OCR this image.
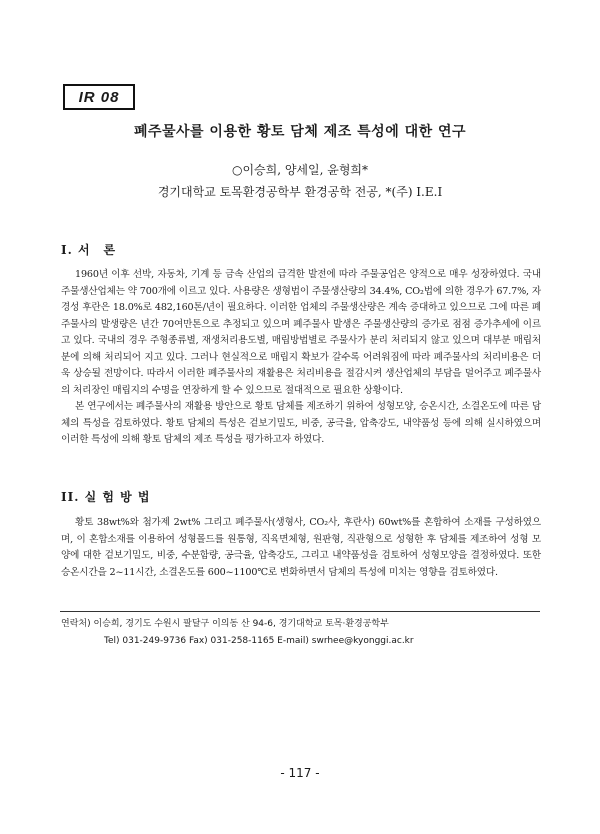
IR 08
폐주물사를 이용한 황토 담체 제조 특성에 대한 연구
○이승희, 양세일, 윤형희*
경기대학교 토목환경공학부 환경공학 전공, *(주) I.E.I
I. 서　론

1960년 이후 선박, 자동차, 기계 등 금속 산업의 급격한 발전에 따라 주물공업은 양적으로 매우 성장하였다. 국내 주물생산업체는 약 700개에 이르고 있다. 사용량은 생형법이 주물생산량의 34.4%, CO₂법에 의한 경우가 67.7%, 자경성 후란은 18.0%로 482,160톤/년이 필요하다. 이러한 업체의 주물생산량은 계속 증대하고 있으므로 그에 따른 폐주물사의 발생량은 년간 70여만톤으로 추정되고 있으며 폐주물사 발생은 주물생산량의 증가로 점점 증가추세에 이르고 있다. 국내의 경우 주형종류별, 재생처리용도별, 매립방법별로 주물사가 분리 처리되지 않고 있으며 대부분 매립처분에 의해 처리되어 지고 있다. 그러나 현실적으로 매립지 확보가 갈수록 어려워짐에 따라 폐주물사의 처리비용은 더욱 상승될 전망이다. 따라서 이러한 폐주물사의 재활용은 처리비용을 절감시켜 생산업체의 부담을 덜어주고 폐주물사의 처리장인 매립지의 수명을 연장하게 할 수 있으므로 절대적으로 필요한 상황이다.

본 연구에서는 폐주물사의 재활용 방안으로 황토 담체를 제조하기 위하여 성형모양, 승온시간, 소결온도에 따른 담체의 특성을 검토하였다. 황토 담체의 특성은 겉보기밀도, 비중, 공극율, 압축강도, 내약품성 등에 의해 실시하였으며 이러한 특성에 의해 황토 담체의 제조 특성을 평가하고자 하였다.

II. 실 험 방 법

황토 38wt%와 첨가제 2wt% 그리고 폐주물사(생형사, CO₂사, 후란사) 60wt%를 혼합하여 소재를 구성하였으며, 이 혼합소재를 이용하여 성형몰드를 원통형, 직육면체형, 원판형, 직관형으로 성형한 후 담체를 제조하여 성형 모양에 대한 겉보기밀도, 비중, 수분함량, 공극율, 압축강도, 그리고 내약품성을 검토하여 성형모양을 결정하였다. 또한 승온시간을 2~11시간, 소결온도를 600~1100℃로 변화하면서 담체의 특성에 미치는 영향을 검토하였다.

연락처) 이승희, 경기도 수원시 팔달구 이의동 산 94-6, 경기대학교 토목·환경공학부
Tel) 031-249-9736 Fax) 031-258-1165 E-mail) swrhee@kyonggi.ac.kr
- 117 -
